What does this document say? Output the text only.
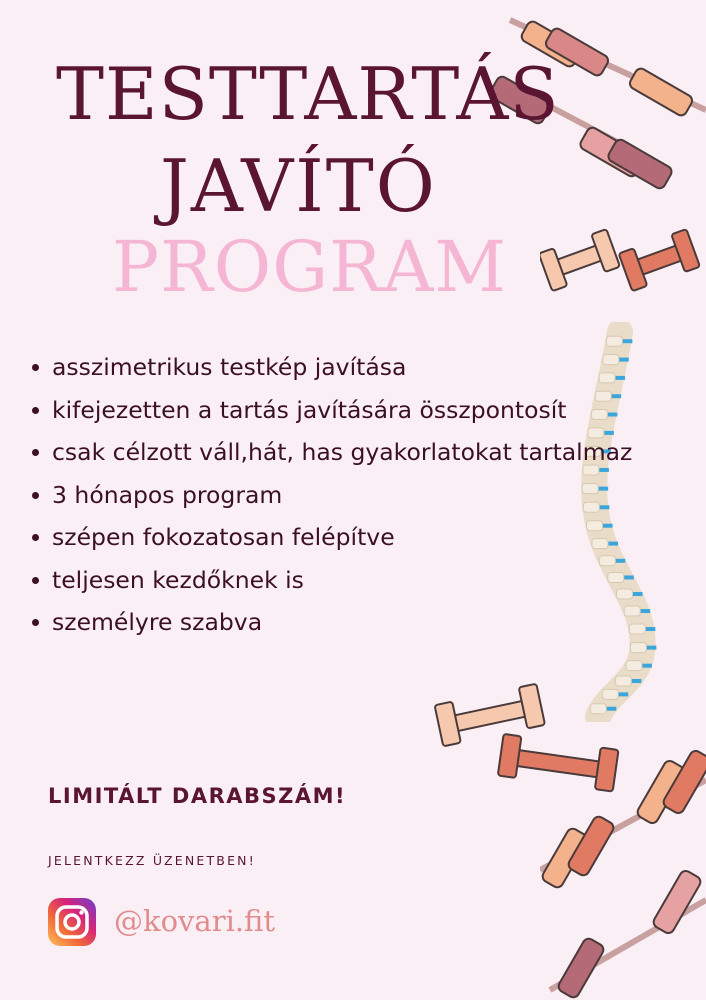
TESTTARTÁS
JAVÍTÓ
PROGRAM
asszimetrikus testkép javítása
kifejezetten a tartás javítására összpontosít
csak célzott váll,hát, has gyakorlatokat tartalmaz
3 hónapos program
szépen fokozatosan felépítve
teljesen kezdőknek is
személyre szabva
LIMITÁLT DARABSZÁM!
JELENTKEZZ ÜZENETBEN!
@kovari.fit
